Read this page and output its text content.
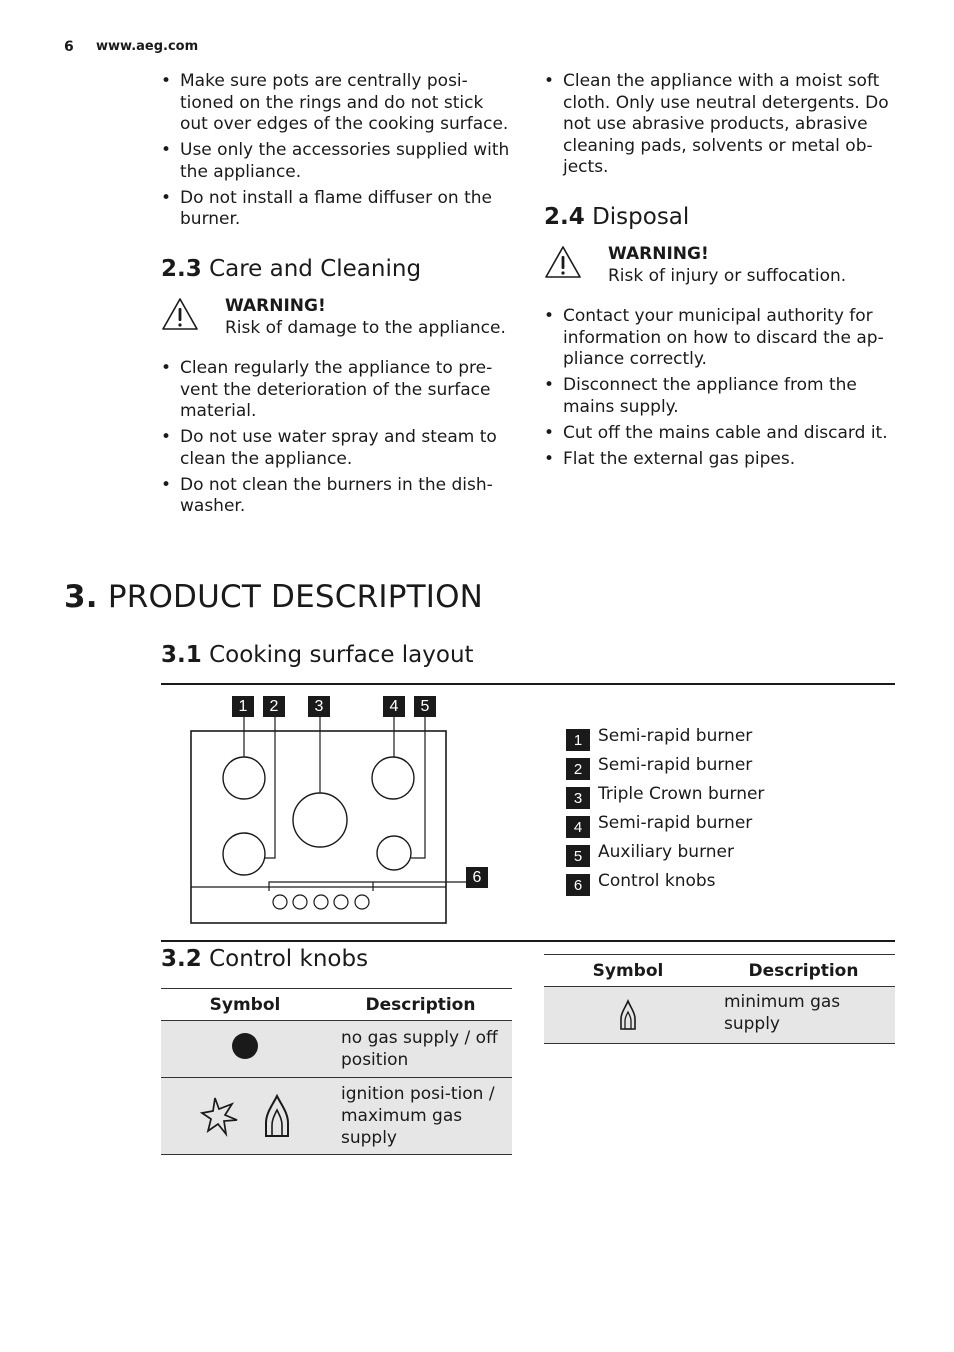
6 www.aeg.com
• Make sure pots are centrally posi-tioned on the rings and do not stick out over edges of the cooking surface.
• Use only the accessories supplied with the appliance.
• Do not install a flame diffuser on the burner.
2.3 Care and Cleaning
WARNING!
Risk of damage to the appliance.
• Clean regularly the appliance to pre-vent the deterioration of the surface material.
• Do not use water spray and steam to clean the appliance.
• Do not clean the burners in the dish-washer.
• Clean the appliance with a moist soft cloth. Only use neutral detergents. Do not use abrasive products, abrasive cleaning pads, solvents or metal ob-jects.
2.4 Disposal
WARNING!
Risk of injury or suffocation.
• Contact your municipal authority for information on how to discard the ap-pliance correctly.
• Disconnect the appliance from the mains supply.
• Cut off the mains cable and discard it.
• Flat the external gas pipes.
3. PRODUCT DESCRIPTION
3.1 Cooking surface layout
1	2	3	4	5
6
1 Semi-rapid burner
2 Semi-rapid burner
3 Triple Crown burner
4 Semi-rapid burner
5 Auxiliary burner
6 Control knobs
3.2 Control knobs
Symbol	Description
	no gas supply / off position
	ignition posi-tion / maximum gas supply
Symbol	Description
	minimum gas supply
